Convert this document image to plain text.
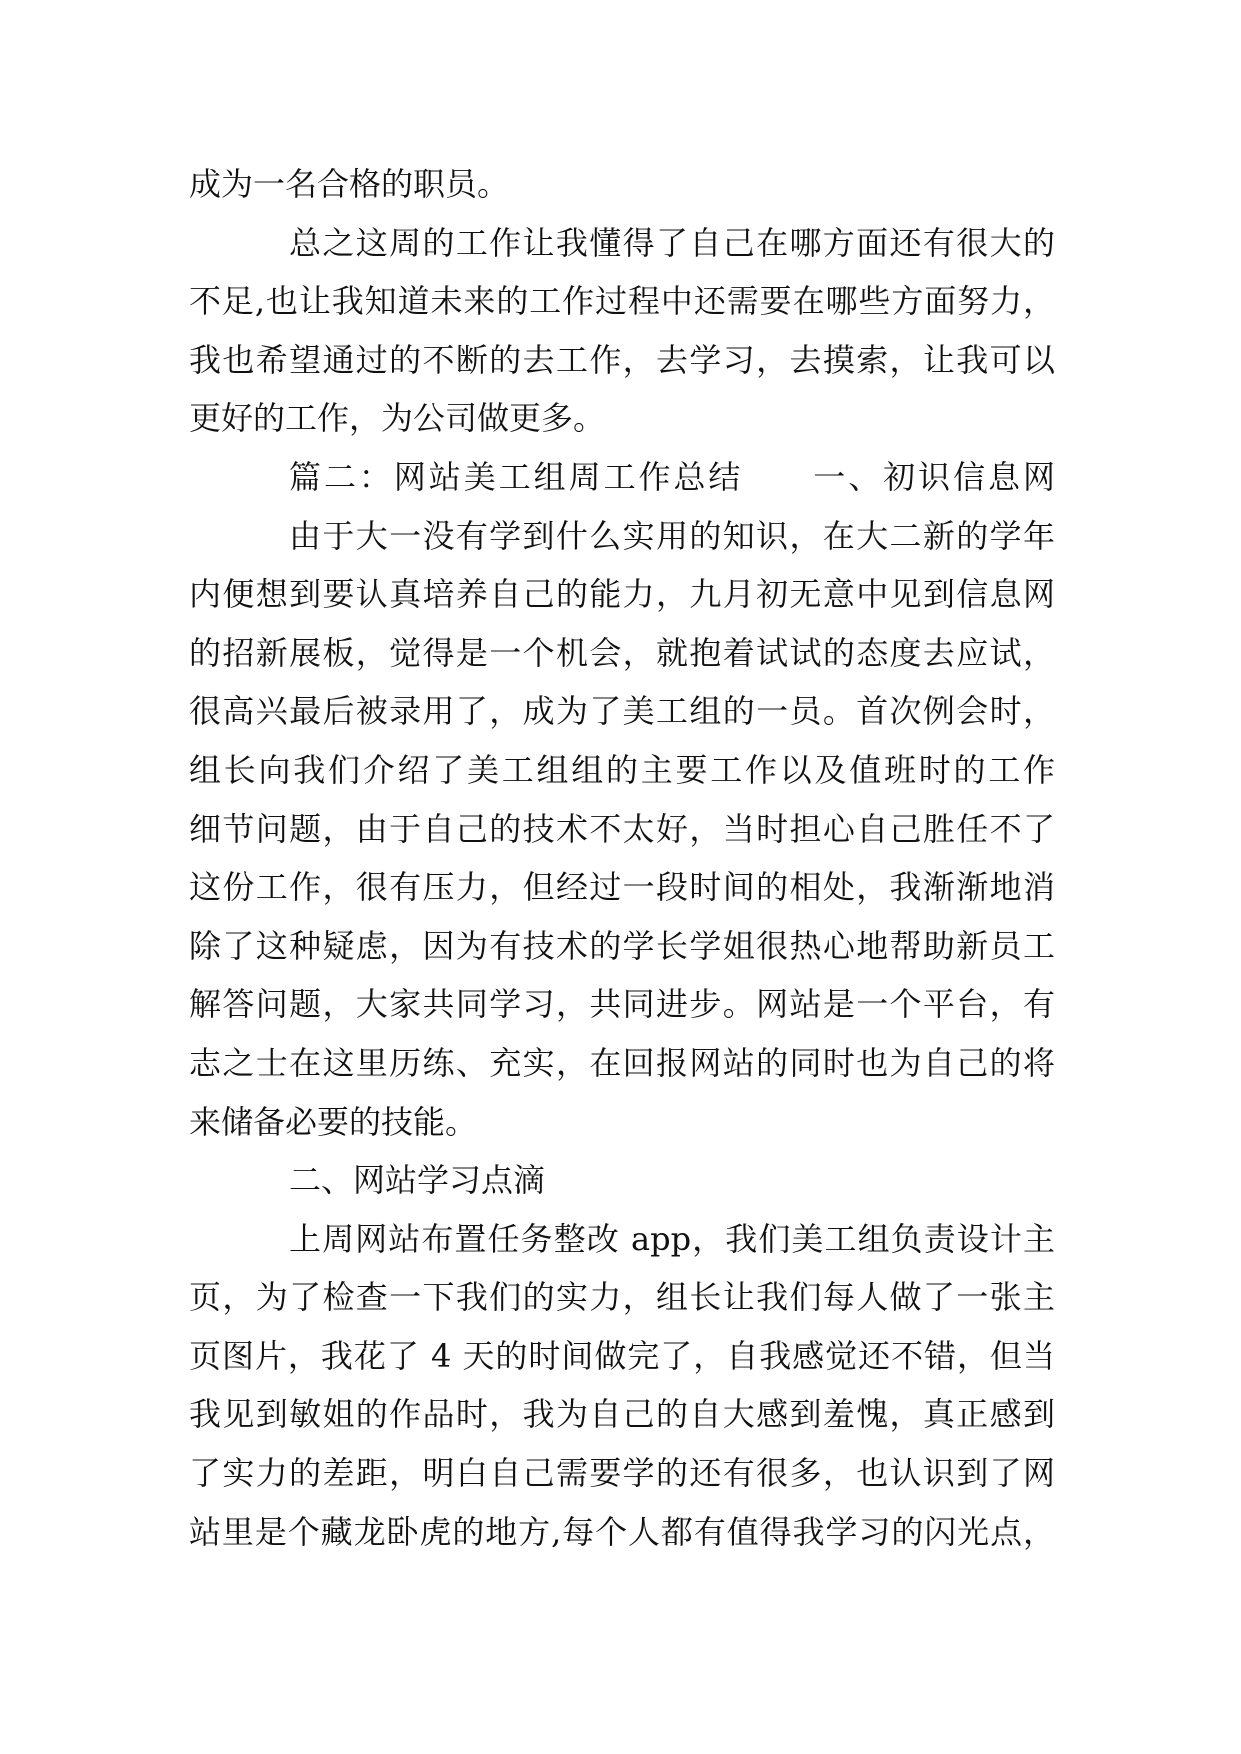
成为一名合格的职员。
总之这周的工作让我懂得了自己在哪方面还有很大的
不足,也让我知道未来的工作过程中还需要在哪些方面努力，
我也希望通过的不断的去工作，去学习，去摸索，让我可以
更好的工作，为公司做更多。
篇二：网站美工组周工作总结　　一、初识信息网
由于大一没有学到什么实用的知识，在大二新的学年
内便想到要认真培养自己的能力，九月初无意中见到信息网
的招新展板，觉得是一个机会，就抱着试试的态度去应试，
很高兴最后被录用了，成为了美工组的一员。首次例会时，
组长向我们介绍了美工组组的主要工作以及值班时的工作
细节问题，由于自己的技术不太好，当时担心自己胜任不了
这份工作，很有压力，但经过一段时间的相处，我渐渐地消
除了这种疑虑，因为有技术的学长学姐很热心地帮助新员工
解答问题，大家共同学习，共同进步。网站是一个平台，有
志之士在这里历练、充实，在回报网站的同时也为自己的将
来储备必要的技能。
二、网站学习点滴
上周网站布置任务整改 app，我们美工组负责设计主
页，为了检查一下我们的实力，组长让我们每人做了一张主
页图片，我花了 4 天的时间做完了，自我感觉还不错，但当
我见到敏姐的作品时，我为自己的自大感到羞愧，真正感到
了实力的差距，明白自己需要学的还有很多，也认识到了网
站里是个藏龙卧虎的地方,每个人都有值得我学习的闪光点，
